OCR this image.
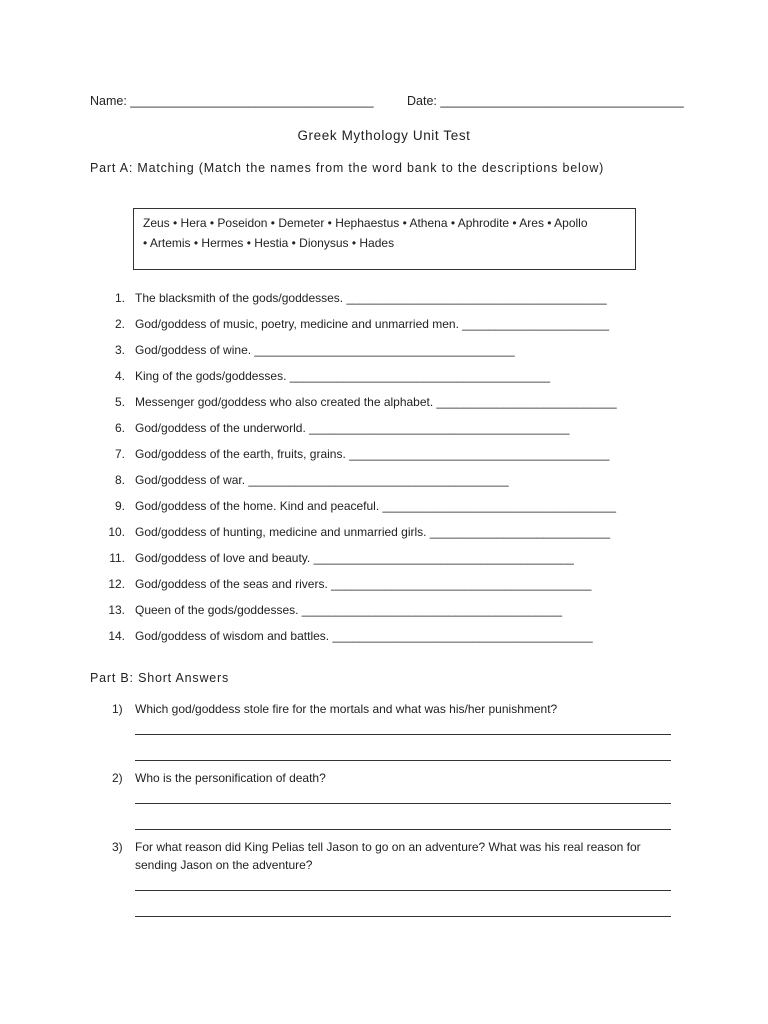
Name: ___________________________________	Date: ___________________________________
Greek Mythology Unit Test
Part A: Matching (Match the names from the word bank to the descriptions below)
Zeus • Hera • Poseidon • Demeter • Hephaestus • Athena • Aphrodite • Ares • Apollo
• Artemis • Hermes • Hestia • Dionysus • Hades
1. The blacksmith of the gods/goddesses. _______________________________________
2. God/goddess of music, poetry, medicine and unmarried men. ______________________
3. God/goddess of wine. _______________________________________
4. King of the gods/goddesses. _______________________________________
5. Messenger god/goddess who also created the alphabet. ___________________________
6. God/goddess of the underworld. _______________________________________
7. God/goddess of the earth, fruits, grains. _______________________________________
8. God/goddess of war. _______________________________________
9. God/goddess of the home. Kind and peaceful. ___________________________________
10. God/goddess of hunting, medicine and unmarried girls. ___________________________
11. God/goddess of love and beauty. _______________________________________
12. God/goddess of the seas and rivers. _______________________________________
13. Queen of the gods/goddesses. _______________________________________
14. God/goddess of wisdom and battles. _______________________________________
Part B: Short Answers
1) Which god/goddess stole fire for the mortals and what was his/her punishment?
2) Who is the personification of death?
3) For what reason did King Pelias tell Jason to go on an adventure? What was his real reason for
sending Jason on the adventure?
